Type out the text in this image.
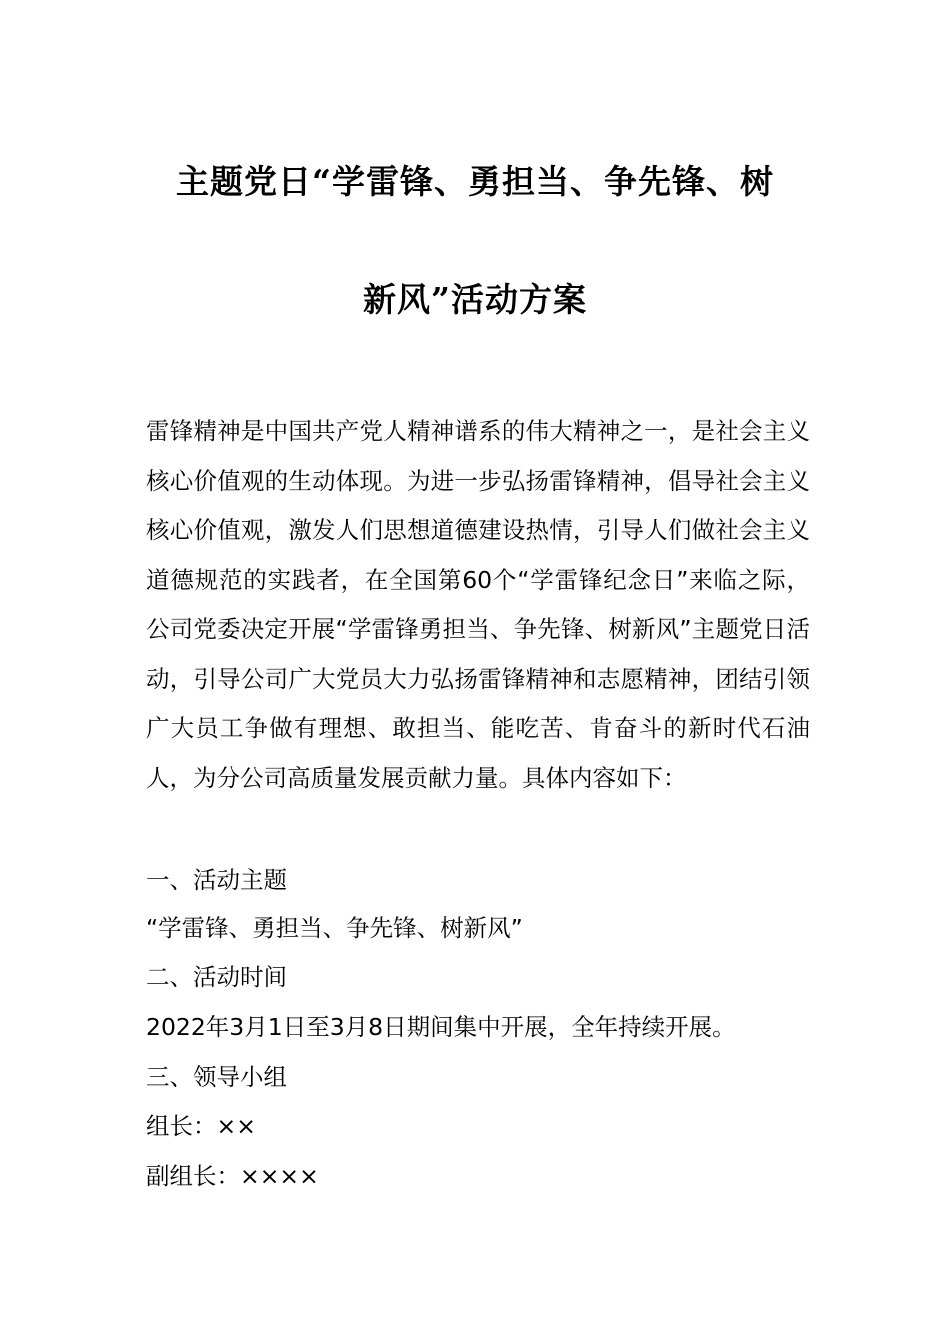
主题党日“学雷锋、勇担当、争先锋、树
新风”活动方案
雷锋精神是中国共产党人精神谱系的伟大精神之一，是社会主义核心价值观的生动体现。为进一步弘扬雷锋精神，倡导社会主义核心价值观，激发人们思想道德建设热情，引导人们做社会主义道德规范的实践者，在全国第60个“学雷锋纪念日”来临之际，公司党委决定开展“学雷锋勇担当、争先锋、树新风”主题党日活动，引导公司广大党员大力弘扬雷锋精神和志愿精神，团结引领广大员工争做有理想、敢担当、能吃苦、肯奋斗的新时代石油人，为分公司高质量发展贡献力量。具体内容如下：
一、活动主题
“学雷锋、勇担当、争先锋、树新风”
二、活动时间
2022年3月1日至3月8日期间集中开展，全年持续开展。
三、领导小组
组长：××
副组长：××××
